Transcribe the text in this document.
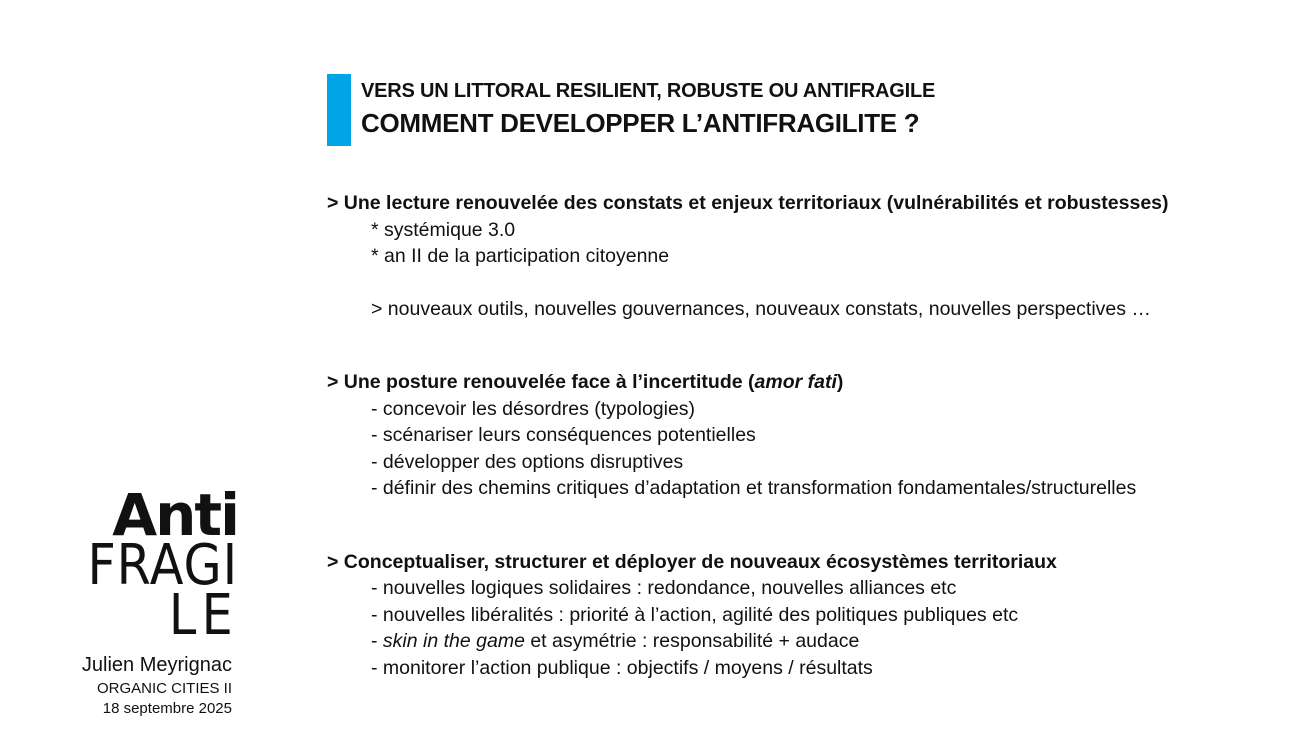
VERS UN LITTORAL RESILIENT, ROBUSTE OU ANTIFRAGILE
COMMENT DEVELOPPER L’ANTIFRAGILITE ?
> Une lecture renouvelée des constats et enjeux territoriaux (vulnérabilités et robustesses)
* systémique 3.0
* an II de la participation citoyenne
> nouveaux outils, nouvelles gouvernances, nouveaux constats, nouvelles perspectives …
> Une posture renouvelée face à l’incertitude (amor fati)
- concevoir les désordres (typologies)
- scénariser leurs conséquences potentielles
- développer des options disruptives
- définir des chemins critiques d’adaptation et transformation fondamentales/structurelles
> Conceptualiser, structurer et déployer de nouveaux écosystèmes territoriaux
- nouvelles logiques solidaires : redondance, nouvelles alliances etc
- nouvelles libéralités : priorité à l’action, agilité des politiques publiques etc
- skin in the game et asymétrie : responsabilité + audace
- monitorer l’action publique : objectifs / moyens / résultats
Anti
FRAGI
LE
Julien Meyrignac
ORGANIC CITIES II
18 septembre 2025
